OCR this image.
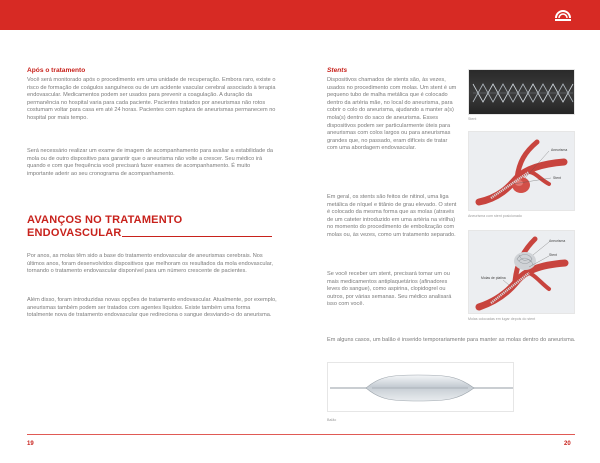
Após o tratamento
Você será monitorado após o procedimento em uma unidade de recuperação. Embora raro, existe o risco de formação de coágulos sanguíneos ou de um acidente vascular cerebral associado à terapia endovascular. Medicamentos podem ser usados para prevenir a coagulação. A duração da permanência no hospital varia para cada paciente. Pacientes tratados por aneurismas não rotos costumam voltar para casa em até 24 horas. Pacientes com ruptura de aneurismas permanecem no hospital por mais tempo.
Será necessário realizar um exame de imagem de acompanhamento para avaliar a estabilidade da mola ou de outro dispositivo para garantir que o aneurisma não volte a crescer. Seu médico irá quando e com que frequência você precisará fazer exames de acompanhamento. É muito importante aderir ao seu cronograma de acompanhamento.
AVANÇOS NO TRATAMENTO ENDOVASCULAR
Por anos, as molas têm sido a base do tratamento endovascular de aneurismas cerebrais. Nos últimos anos, foram desenvolvidos dispositivos que melhoram os resultados da mola endovascular, tornando o tratamento endovascular disponível para um número crescente de pacientes.
Além disso, foram introduzidas novas opções de tratamento endovascular. Atualmente, por exemplo, aneurismas também podem ser tratados com agentes líquidos. Existe também uma forma totalmente nova de tratamento endovascular que redireciona o sangue desviando-o do aneurisma.
Stents
Dispositivos chamados de stents são, às vezes, usados no procedimento com molas. Um stent é um pequeno tubo de malha metálica que é colocado dentro da artéria mãe, no local do aneurisma, para cobrir o colo do aneurisma, ajudando a manter a(s) mola(s) dentro do saco de aneurisma. Esses dispositivos podem ser particularmente úteis para aneurismas com colos largos ou para aneurismas grandes que, no passado, eram difíceis de tratar com uma abordagem endovascular.
Em geral, os stents são feitos de nitinol, uma liga metálica de níquel e titânio de grau elevado. O stent é colocado da mesma forma que as molas (através de um cateter introduzido em uma artéria na virilha) no momento do procedimento de embolização com molas ou, às vezes, como um tratamento separado.
Se você receber um stent, precisará tomar um ou mais medicamentos antiplaquetários (afinadores leves do sangue), como aspirina, clopidogrel ou outros, por várias semanas. Seu médico analisará isso com você.
Em alguns casos, um balão é inserido temporariamente para manter as molas dentro do aneurisma.
Stent
Aneurisma
Stent
Aneurisma com stent posicionado
Aneurisma
Stent
Molas de platina
Molas colocadas em lugar depois do stent
Balão
19	20
